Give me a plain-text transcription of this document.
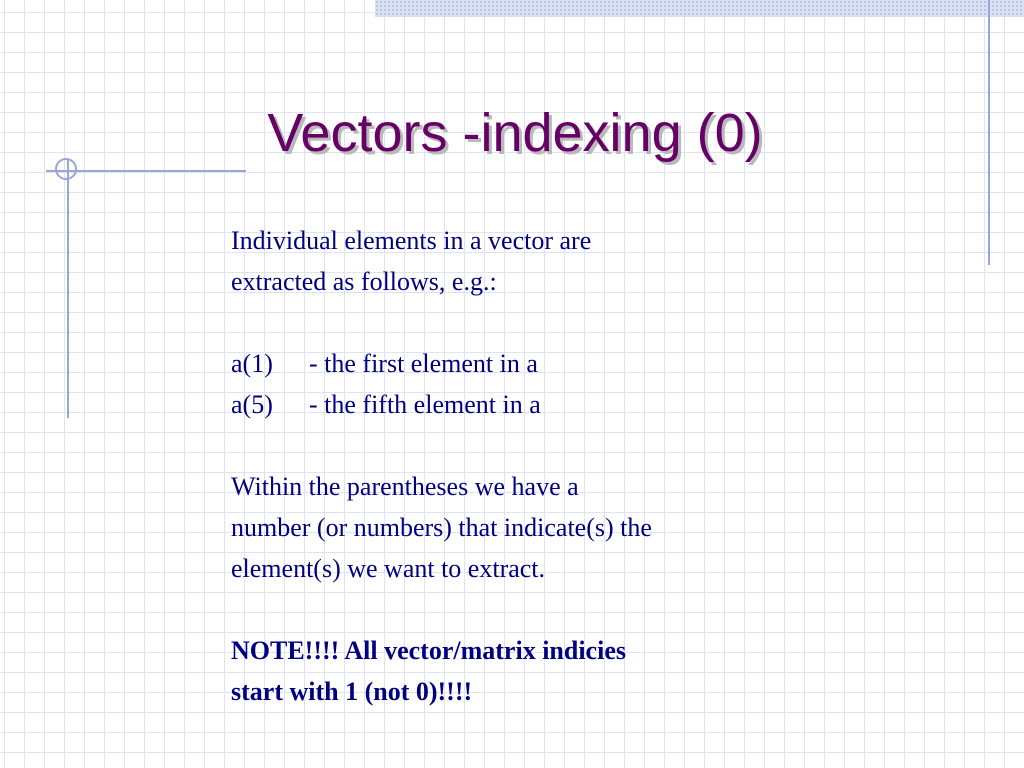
Vectors -indexing (0)

Individual elements in a vector are

extracted as follows, e.g.:

a(1)	- the first element in a
a(5)	- the fifth element in a

Within the parentheses we have a

number (or numbers) that indicate(s) the

element(s) we want to extract.

NOTE!!!! All vector/matrix indicies

start with 1 (not 0)!!!!
